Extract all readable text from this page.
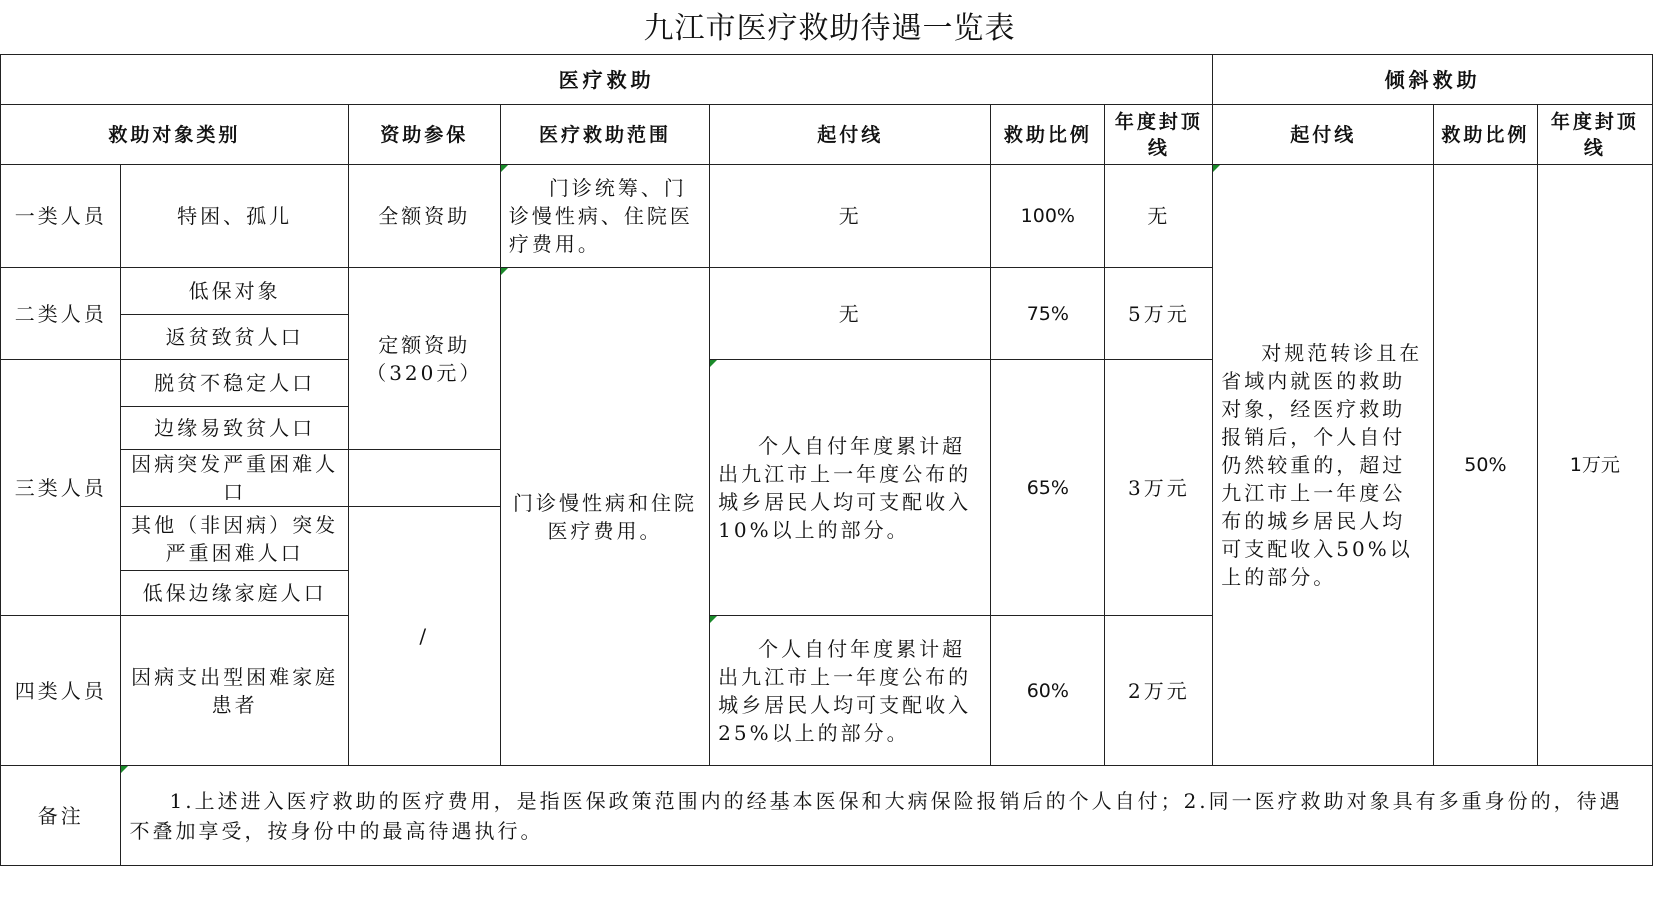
九江市医疗救助待遇一览表
医疗救助							倾斜救助		
救助对象类别		资助参保	医疗救助范围	起付线	救助比例	年度封顶线	起付线	救助比例	年度封顶线
一类人员	特困、孤儿	全额资助	门诊统筹、门诊慢性病、住院医疗费用。	无	100%	无	对规范转诊且在省域内就医的救助对象，经医疗救助报销后，个人自付仍然较重的，超过九江市上一年度公布的城乡居民人均可支配收入50%以上的部分。	50%	1万元
二类人员	低保对象	定额资助（320元）	门诊慢性病和住院医疗费用。	无	75%	5万元			
	返贫致贫人口								
三类人员	脱贫不稳定人口			个人自付年度累计超出九江市上一年度公布的城乡居民人均可支配收入10%以上的部分。	65%	3万元			
	边缘易致贫人口								
	因病突发严重困难人口								
	其他（非因病）突发严重困难人口	/							
	低保边缘家庭人口								
四类人员	因病支出型困难家庭患者			个人自付年度累计超出九江市上一年度公布的城乡居民人均可支配收入25%以上的部分。	60%	2万元			
备注	1.上述进入医疗救助的医疗费用，是指医保政策范围内的经基本医保和大病保险报销后的个人自付；2.同一医疗救助对象具有多重身份的，待遇不叠加享受，按身份中的最高待遇执行。								
